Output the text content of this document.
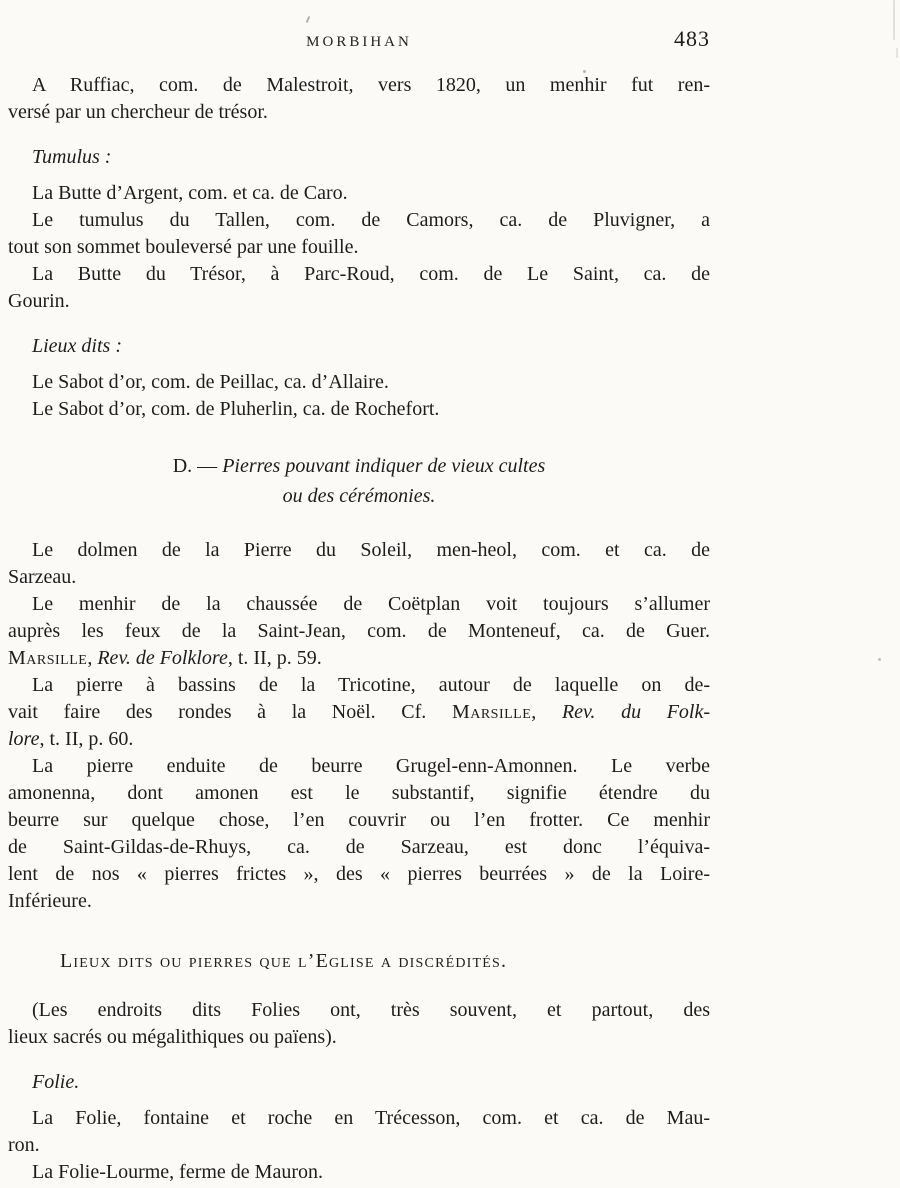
MORBIHAN	483
A Ruffiac, com. de Malestroit, vers 1820, un menhir fut ren-
versé par un chercheur de trésor.
Tumulus :
La Butte d’Argent, com. et ca. de Caro.
Le tumulus du Tallen, com. de Camors, ca. de Pluvigner, a
tout son sommet bouleversé par une fouille.
La Butte du Trésor, à Parc-Roud, com. de Le Saint, ca. de
Gourin.
Lieux dits :
Le Sabot d’or, com. de Peillac, ca. d’Allaire.
Le Sabot d’or, com. de Pluherlin, ca. de Rochefort.
D. — Pierres pouvant indiquer de vieux cultes
ou des cérémonies.
Le dolmen de la Pierre du Soleil, men-heol, com. et ca. de
Sarzeau.
Le menhir de la chaussée de Coëtplan voit toujours s’allumer
auprès les feux de la Saint-Jean, com. de Monteneuf, ca. de Guer.
Marsille, Rev. de Folklore, t. II, p. 59.
La pierre à bassins de la Tricotine, autour de laquelle on de-
vait faire des rondes à la Noël. Cf. Marsille, Rev. du Folk-
lore, t. II, p. 60.
La pierre enduite de beurre Grugel-enn-Amonnen. Le verbe
amonenna, dont amonen est le substantif, signifie étendre du
beurre sur quelque chose, l’en couvrir ou l’en frotter. Ce menhir
de Saint-Gildas-de-Rhuys, ca. de Sarzeau, est donc l’équiva-
lent de nos « pierres frictes », des « pierres beurrées » de la Loire-
Inférieure.
Lieux dits ou pierres que l’Eglise a discrédités.
(Les endroits dits Folies ont, très souvent, et partout, des
lieux sacrés ou mégalithiques ou païens).
Folie.
La Folie, fontaine et roche en Trécesson, com. et ca. de Mau-
ron.
La Folie-Lourme, ferme de Mauron.
